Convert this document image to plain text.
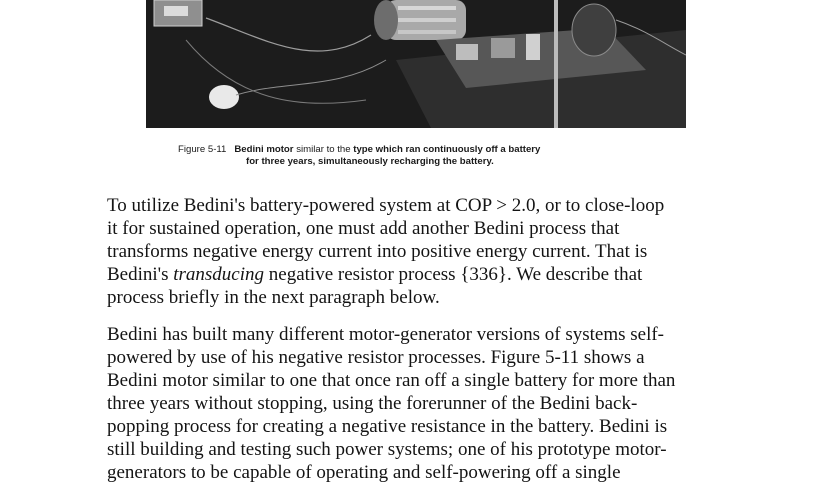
Figure 5-11 Bedini motor similar to the type which ran continuously off a battery
for three years, simultaneously recharging the battery.

To utilize Bedini's battery-powered system at COP > 2.0, or to close-loop
it for sustained operation, one must add another Bedini process that
transforms negative energy current into positive energy current. That is
Bedini's transducing negative resistor process {336}. We describe that
process briefly in the next paragraph below.

Bedini has built many different motor-generator versions of systems self-
powered by use of his negative resistor processes. Figure 5-11 shows a
Bedini motor similar to one that once ran off a single battery for more than
three years without stopping, using the forerunner of the Bedini back-
popping process for creating a negative resistance in the battery. Bedini is
still building and testing such power systems; one of his prototype motor-
generators to be capable of operating and self-powering off a single
